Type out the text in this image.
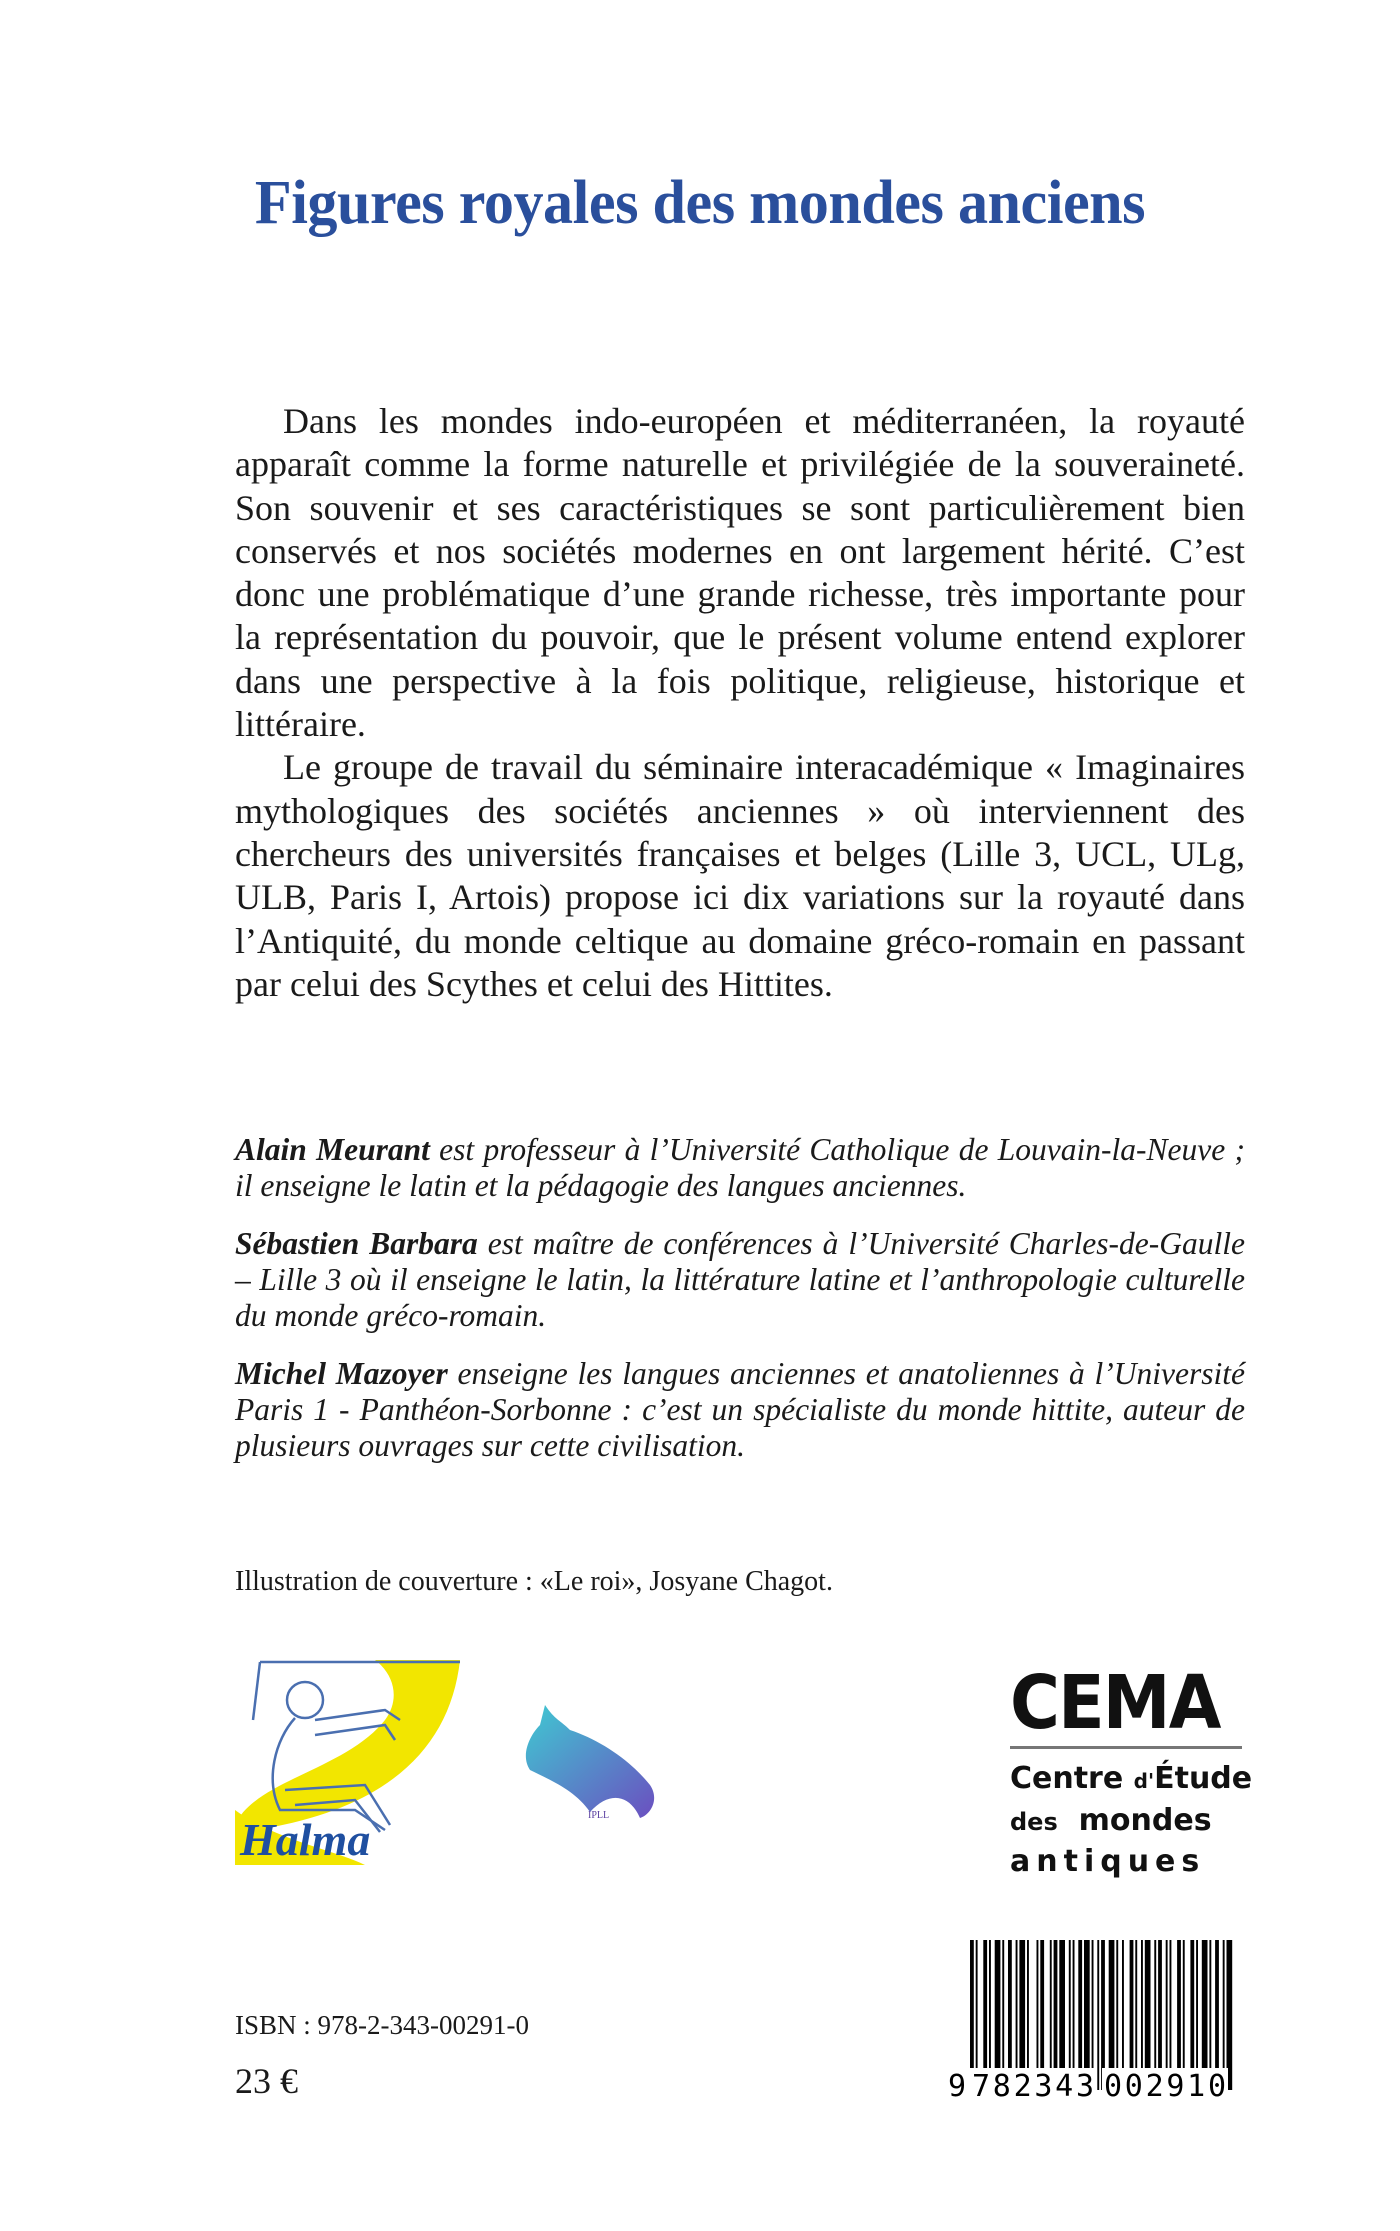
Figures royales des mondes anciens

Dans les mondes indo-européen et méditerranéen, la royauté apparaît comme la forme naturelle et privilégiée de la souveraineté. Son souvenir et ses caractéristiques se sont particulièrement bien conservés et nos sociétés modernes en ont largement hérité. C’est donc une problématique d’une grande richesse, très importante pour la représentation du pouvoir, que le présent volume entend explorer dans une perspective à la fois politique, religieuse, historique et littéraire.

Le groupe de travail du séminaire interacadémique « Imaginaires mythologiques des sociétés anciennes » où interviennent des chercheurs des universités françaises et belges (Lille 3, UCL, ULg, ULB, Paris I, Artois) propose ici dix variations sur la royauté dans l’Antiquité, du monde celtique au domaine gréco-romain en passant par celui des Scythes et celui des Hittites.

Alain Meurant est professeur à l’Université Catholique de Louvain-la-Neuve ; il enseigne le latin et la pédagogie des langues anciennes.

Sébastien Barbara est maître de conférences à l’Université Charles-de-Gaulle – Lille 3 où il enseigne le latin, la littérature latine et l’anthropologie culturelle du monde gréco-romain.

Michel Mazoyer enseigne les langues anciennes et anatoliennes à l’Université Paris 1 - Panthéon-Sorbonne : c’est un spécialiste du monde hittite, auteur de plusieurs ouvrages sur cette civilisation.

Illustration de couverture : «Le roi», Josyane Chagot.
Halma	IPLL
CEMA
Centre d'Étude
des mondes
antiques
ISBN : 978-2-343-00291-0
23 €	9 782343 002910
